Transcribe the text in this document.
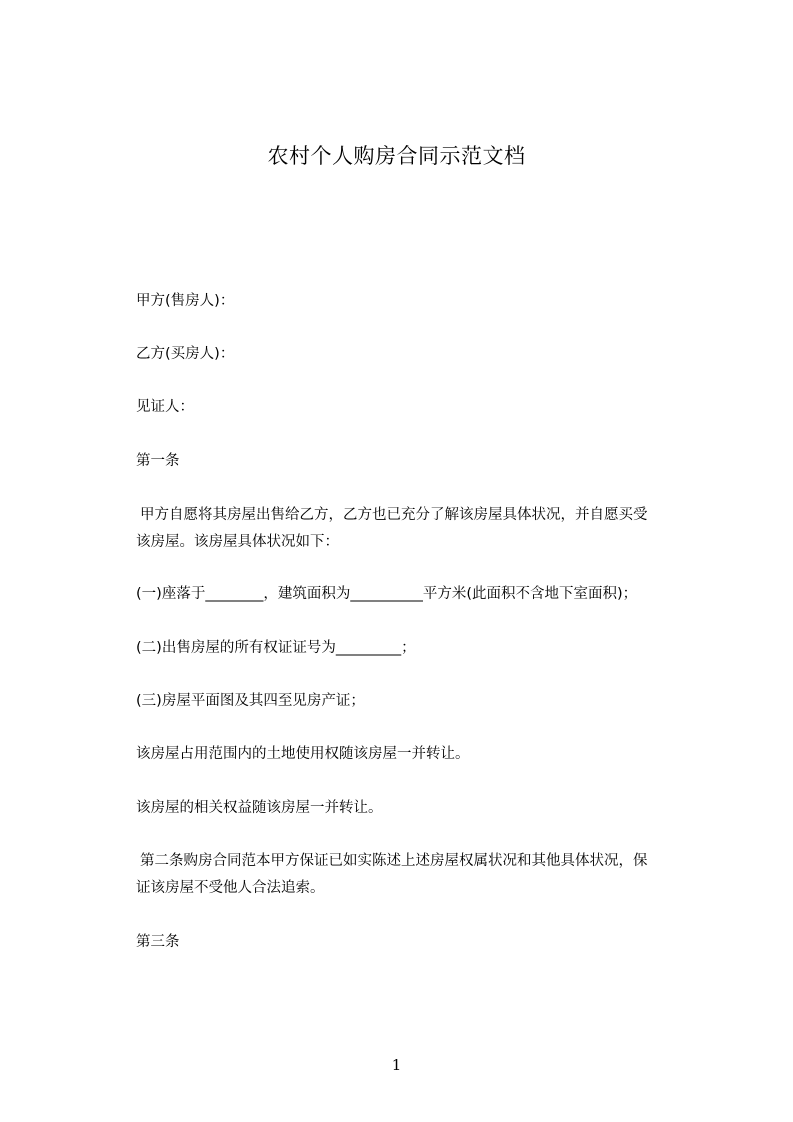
农村个人购房合同示范文档
甲方(售房人)：
乙方(买房人)：
见证人：
第一条
甲方自愿将其房屋出售给乙方，乙方也已充分了解该房屋具体状况，并自愿买受
该房屋。该房屋具体状况如下：
(一)座落于________，建筑面积为__________平方米(此面积不含地下室面积)；
(二)出售房屋的所有权证证号为_________；
(三)房屋平面图及其四至见房产证；
该房屋占用范围内的土地使用权随该房屋一并转让。
该房屋的相关权益随该房屋一并转让。
第二条购房合同范本甲方保证已如实陈述上述房屋权属状况和其他具体状况，保
证该房屋不受他人合法追索。
第三条
1
